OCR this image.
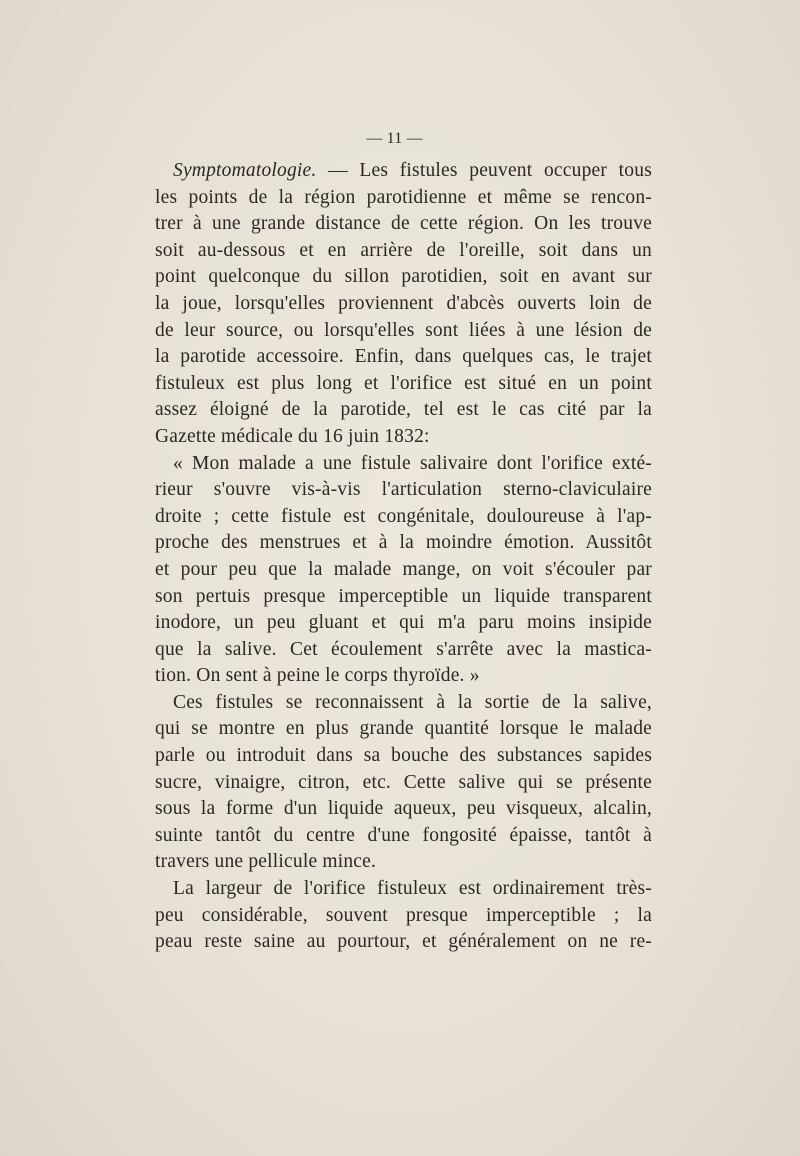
— 11 —
Symptomatologie. — Les fistules peuvent occuper tous
les points de la région parotidienne et même se rencon-
trer à une grande distance de cette région. On les trouve
soit au-dessous et en arrière de l'oreille, soit dans un
point quelconque du sillon parotidien, soit en avant sur
la joue, lorsqu'elles proviennent d'abcès ouverts loin de
de leur source, ou lorsqu'elles sont liées à une lésion de
la parotide accessoire. Enfin, dans quelques cas, le trajet
fistuleux est plus long et l'orifice est situé en un point
assez éloigné de la parotide, tel est le cas cité par la
Gazette médicale du 16 juin 1832:
« Mon malade a une fistule salivaire dont l'orifice exté-
rieur s'ouvre vis-à-vis l'articulation sterno-claviculaire
droite ; cette fistule est congénitale, douloureuse à l'ap-
proche des menstrues et à la moindre émotion. Aussitôt
et pour peu que la malade mange, on voit s'écouler par
son pertuis presque imperceptible un liquide transparent
inodore, un peu gluant et qui m'a paru moins insipide
que la salive. Cet écoulement s'arrête avec la mastica-
tion. On sent à peine le corps thyroïde. »
Ces fistules se reconnaissent à la sortie de la salive,
qui se montre en plus grande quantité lorsque le malade
parle ou introduit dans sa bouche des substances sapides
sucre, vinaigre, citron, etc. Cette salive qui se présente
sous la forme d'un liquide aqueux, peu visqueux, alcalin,
suinte tantôt du centre d'une fongosité épaisse, tantôt à
travers une pellicule mince.
La largeur de l'orifice fistuleux est ordinairement très-
peu considérable, souvent presque imperceptible ; la
peau reste saine au pourtour, et généralement on ne re-
